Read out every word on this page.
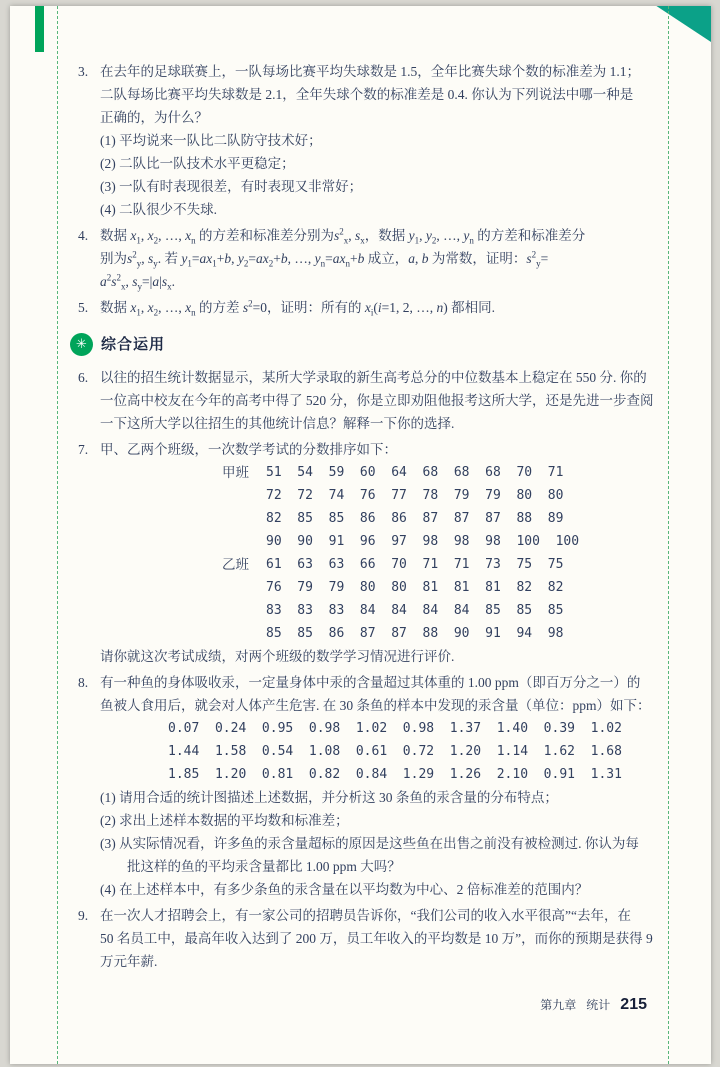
3. 在去年的足球联赛上，一队每场比赛平均失球数是 1.5，全年比赛失球个数的标准差为 1.1；
二队每场比赛平均失球数是 2.1，全年失球个数的标准差是 0.4. 你认为下列说法中哪一种是
正确的，为什么？
(1) 平均说来一队比二队防守技术好；
(2) 二队比一队技术水平更稳定；
(3) 一队有时表现很差，有时表现又非常好；
(4) 二队很少不失球.
4. 数据 $x_1$, $x_2$, …, $x_n$ 的方差和标准差分别为$s^2_x$, $s_x$，数据 $y_1$, $y_2$, …, $y_n$ 的方差和标准差分
别为$s^2_y$, $s_y$. 若 $y_1=ax_1+b$, $y_2=ax_2+b$, …, $y_n=ax_n+b$ 成立，a, b 为常数，证明：$s^2_y=$
$a^2s^2_x$, $s_y=|a|s_x$.
5. 数据 $x_1$, $x_2$, …, $x_n$ 的方差 $s^2=0$，证明：所有的 $x_i(i=1$, 2, …, n) 都相同.
✳ 综合运用
6. 以往的招生统计数据显示，某所大学录取的新生高考总分的中位数基本上稳定在 550 分. 你的
一位高中校友在今年的高考中得了 520 分，你是立即劝阻他报考这所大学，还是先进一步查阅
一下这所大学以往招生的其他统计信息？解释一下你的选择.
7. 甲、乙两个班级，一次数学考试的分数排序如下：
甲班	51  54  59  60  64  68  68  68  70  71
72  72  74  76  77  78  79  79  80  80
82  85  85  86  86  87  87  87  88  89
90  90  91  96  97  98  98  98  100  100
乙班	61  63  63  66  70  71  71  73  75  75
76  79  79  80  80  81  81  81  82  82
83  83  83  84  84  84  84  85  85  85
85  85  86  87  87  88  90  91  94  98
请你就这次考试成绩，对两个班级的数学学习情况进行评价.
8. 有一种鱼的身体吸收汞，一定量身体中汞的含量超过其体重的 1.00 ppm（即百万分之一）的
鱼被人食用后，就会对人体产生危害. 在 30 条鱼的样本中发现的汞含量（单位：ppm）如下：
0.07  0.24  0.95  0.98  1.02  0.98  1.37  1.40  0.39  1.02
1.44  1.58  0.54  1.08  0.61  0.72  1.20  1.14  1.62  1.68
1.85  1.20  0.81  0.82  0.84  1.29  1.26  2.10  0.91  1.31
(1) 请用合适的统计图描述上述数据，并分析这 30 条鱼的汞含量的分布特点；
(2) 求出上述样本数据的平均数和标准差；
(3) 从实际情况看，许多鱼的汞含量超标的原因是这些鱼在出售之前没有被检测过. 你认为每
批这样的鱼的平均汞含量都比 1.00 ppm 大吗？
(4) 在上述样本中，有多少条鱼的汞含量在以平均数为中心、2 倍标准差的范围内？
9. 在一次人才招聘会上，有一家公司的招聘员告诉你，“我们公司的收入水平很高”“去年，在
50 名员工中，最高年收入达到了 200 万，员工年收入的平均数是 10 万”，而你的预期是获得 9
万元年薪.
第九章 统计 215
